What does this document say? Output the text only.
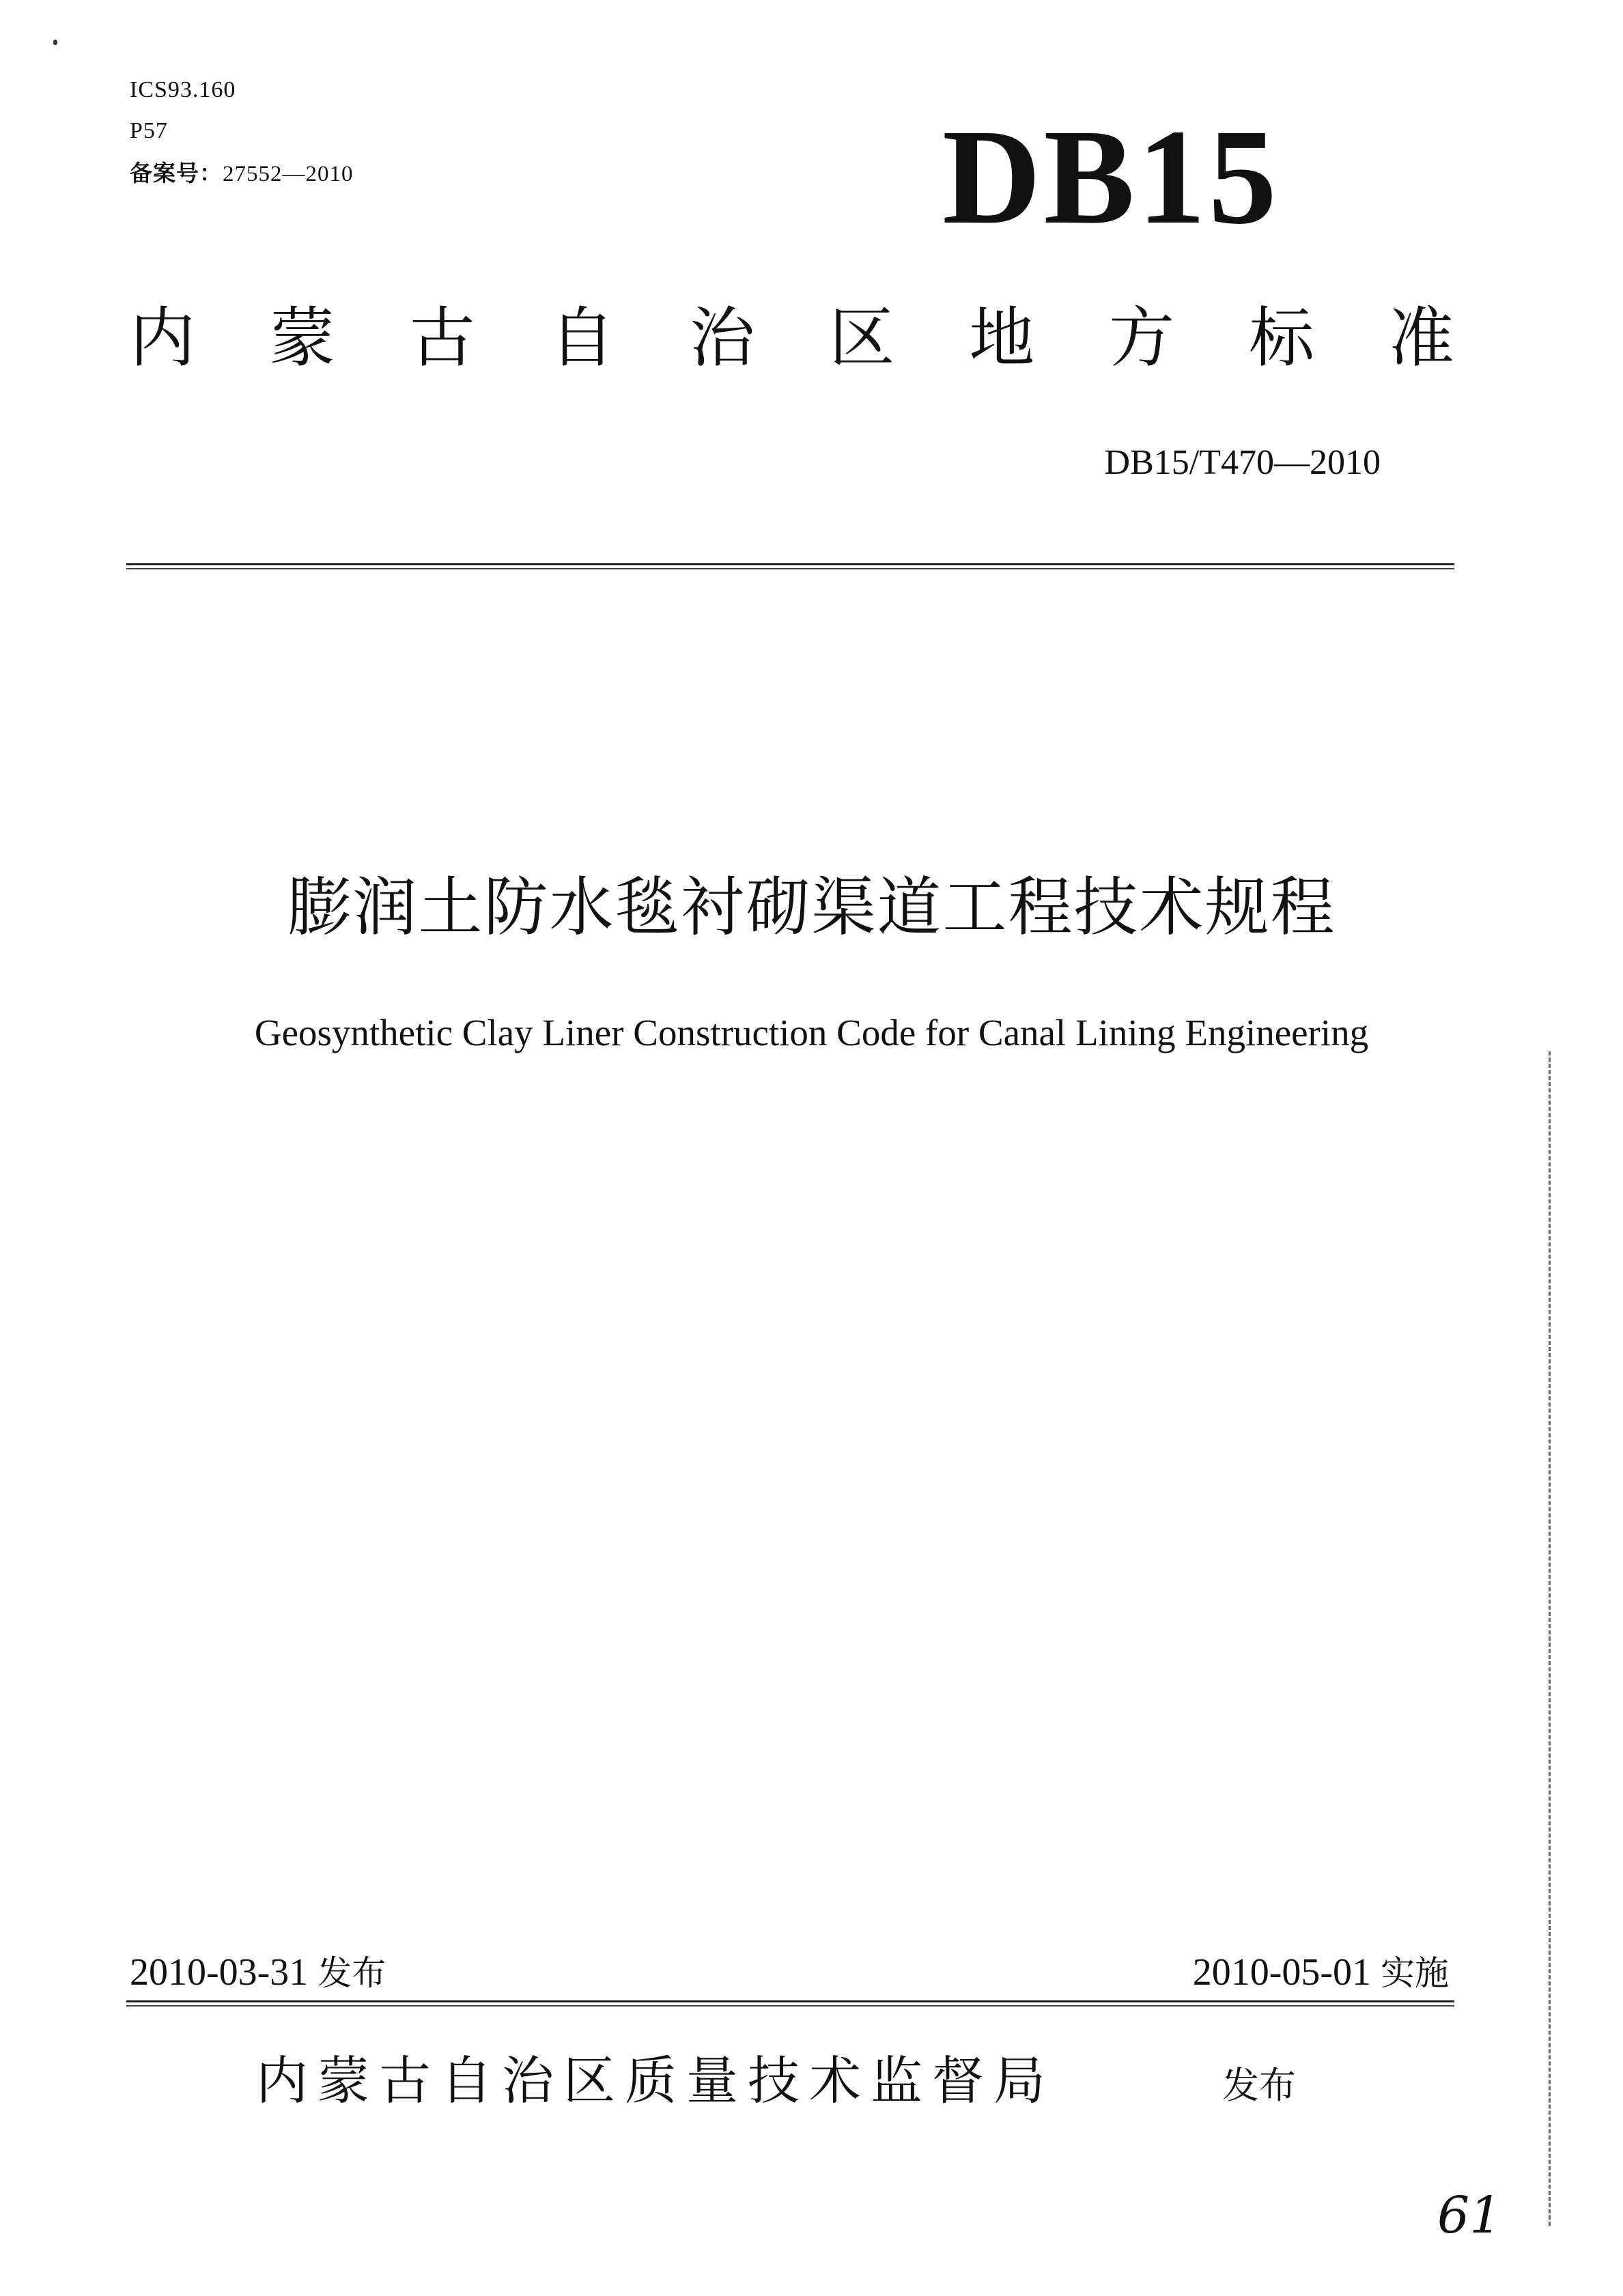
ICS93.160
P57
备案号：27552—2010	DB15
内 蒙 古 自 治 区 地 方 标 准
DB15/T470—2010
膨润土防水毯衬砌渠道工程技术规程
Geosynthetic Clay Liner Construction Code for Canal Lining Engineering
2010-03-31 发布	2010-05-01 实施
内蒙古自治区质量技术监督局	发布
61
